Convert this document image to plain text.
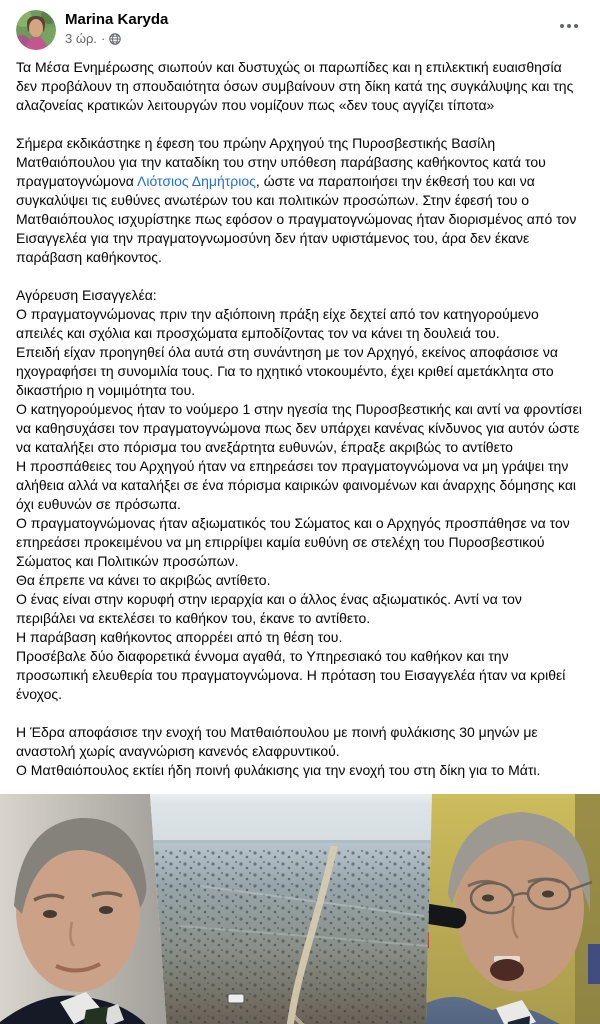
Marina Karyda
3 ώρ. ·

Τα Μέσα Ενημέρωσης σιωπούν και δυστυχώς οι παρωπίδες και η επιλεκτική ευαισθησία δεν προβάλουν τη σπουδαιότητα όσων συμβαίνουν στη δίκη κατά της συγκάλυψης και της αλαζονείας κρατικών λειτουργών που νομίζουν πως «δεν τους αγγίζει τίποτα»

Σήμερα εκδικάστηκε η έφεση του πρώην Αρχηγού της Πυροσβεστικής Βασίλη Ματθαιόπουλου για την καταδίκη του στην υπόθεση παράβασης καθήκοντος κατά του πραγματογνώμονα Λιότσιος Δημήτριος, ώστε να παραποιήσει την έκθεσή του και να συγκαλύψει τις ευθύνες ανωτέρων του και πολιτικών προσώπων. Στην έφεσή του ο Ματθαιόπουλος ισχυρίστηκε πως εφόσον ο πραγματογνώμονας ήταν διορισμένος από τον Εισαγγελέα για την πραγματογνωμοσύνη δεν ήταν υφιστάμενος του, άρα δεν έκανε παράβαση καθήκοντος.

Αγόρευση Εισαγγελέα:
Ο πραγματογνώμονας πριν την αξιόποινη πράξη είχε δεχτεί από τον κατηγορούμενο απειλές και σχόλια και προσχώματα εμποδίζοντας τον να κάνει τη δουλειά του.
Επειδή είχαν προηγηθεί όλα αυτά στη συνάντηση με τον Αρχηγό, εκείνος αποφάσισε να ηχογραφήσει τη συνομιλία τους. Για το ηχητικό ντοκουμέντο, έχει κριθεί αμετάκλητα στο δικαστήριο η νομιμότητα του.
Ο κατηγορούμενος ήταν το νούμερο 1 στην ηγεσία της Πυροσβεστικής και αντί να φροντίσει να καθησυχάσει τον πραγματογνώμονα πως δεν υπάρχει κανένας κίνδυνος για αυτόν ώστε να καταλήξει στο πόρισμα του ανεξάρτητα ευθυνών, έπραξε ακριβώς το αντίθετο
Η προσπάθειες του Αρχηγού ήταν να επηρεάσει τον πραγματογνώμονα να μη γράψει την αλήθεια αλλά να καταλήξει σε ένα πόρισμα καιρικών φαινομένων και άναρχης δόμησης και όχι ευθυνών σε πρόσωπα.
Ο πραγματογνώμονας ήταν αξιωματικός του Σώματος και ο Αρχηγός προσπάθησε να τον επηρεάσει προκειμένου να μη επιρρίψει καμία ευθύνη σε στελέχη του Πυροσβεστικού Σώματος και Πολιτικών προσώπων.
Θα έπρεπε να κάνει το ακριβώς αντίθετο.
Ο ένας είναι στην κορυφή στην ιεραρχία και ο άλλος ένας αξιωματικός. Αντί να τον περιβάλει να εκτελέσει το καθήκον του, έκανε το αντίθετο.
Η παράβαση καθήκοντος απορρέει από τη θέση του.
Προσέβαλε δύο διαφορετικά έννομα αγαθά, το Υπηρεσιακό του καθήκον και την προσωπική ελευθερία του πραγματογνώμονα. Η πρόταση του Εισαγγελέα ήταν να κριθεί ένοχος.

Η Έδρα αποφάσισε την ενοχή του Ματθαιόπουλου με ποινή φυλάκισης 30 μηνών με αναστολή χωρίς αναγνώριση κανενός ελαφρυντικού.
Ο Ματθαιόπουλος εκτίει ήδη ποινή φυλάκισης για την ενοχή του στη δίκη για το Μάτι.
